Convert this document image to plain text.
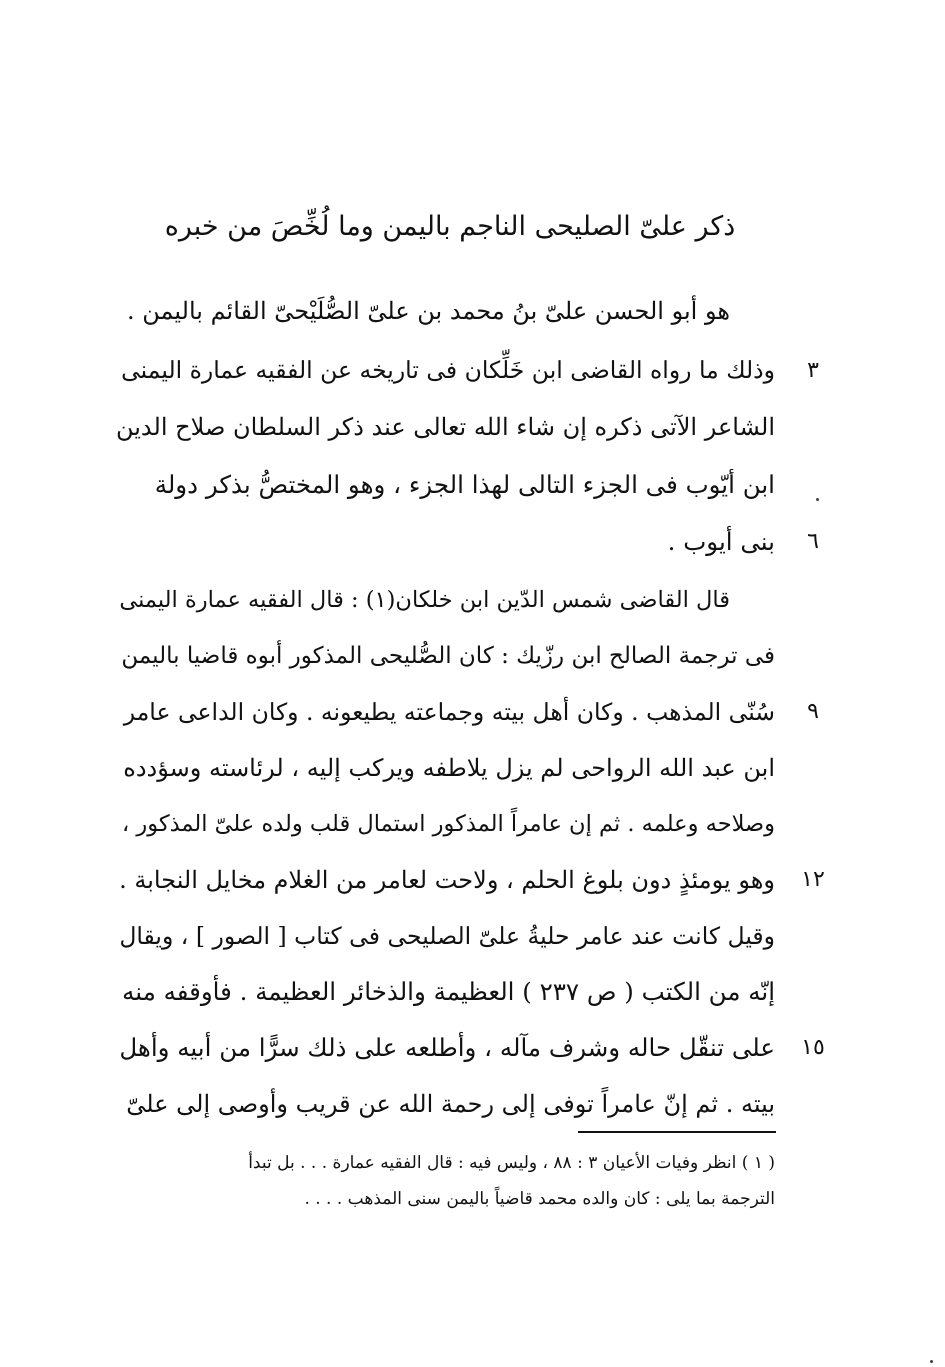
ذكر علىّ الصليحى الناجم باليمن وما لُخِّصَ من خبره
هو أبو الحسن علىّ بنُ محمد بن علىّ الصُّلَيْحىّ القائم باليمن .
وذلك ما رواه القاضى ابن خَلِّكان فى تاريخه عن الفقيه عمارة اليمنى
الشاعر الآتى ذكره إن شاء الله تعالى عند ذكر السلطان صلاح الدين
ابن أيّوب فى الجزء التالى لهذا الجزء ، وهو المختصُّ بذكر دولة
بنى أيوب .
قال القاضى شمس الدّين ابن خلكان(١) : قال الفقيه عمارة اليمنى
فى ترجمة الصالح ابن رزّيك : كان الصُّليحى المذكور أبوه قاضيا باليمن
سُنّى المذهب . وكان أهل بيته وجماعته يطيعونه . وكان الداعى عامر
ابن عبد الله الرواحى لم يزل يلاطفه ويركب إليه ، لرئاسته وسؤدده
وصلاحه وعلمه . ثم إن عامراً المذكور استمال قلب ولده علىّ المذكور ،
وهو يومئذٍ دون بلوغ الحلم ، ولاحت لعامر من الغلام مخايل النجابة .
وقيل كانت عند عامر حليةُ علىّ الصليحى فى كتاب [ الصور ] ، ويقال
إنّه من الكتب ( ص ٢٣٧ ) العظيمة والذخائر العظيمة . فأوقفه منه
على تنقّل حاله وشرف مآله ، وأطلعه على ذلك سرًّا من أبيه وأهل
بيته . ثم إنّ عامراً توفى إلى رحمة الله عن قريب وأوصى إلى علىّ
٣
٦
٩
١٢
١٥
( ١ ) انظر وفيات الأعيان ٣ : ٨٨ ، وليس فيه : قال الفقيه عمارة . . . بل تبدأ
الترجمة بما يلى : كان والده محمد قاضياً باليمن سنى المذهب . . . .
